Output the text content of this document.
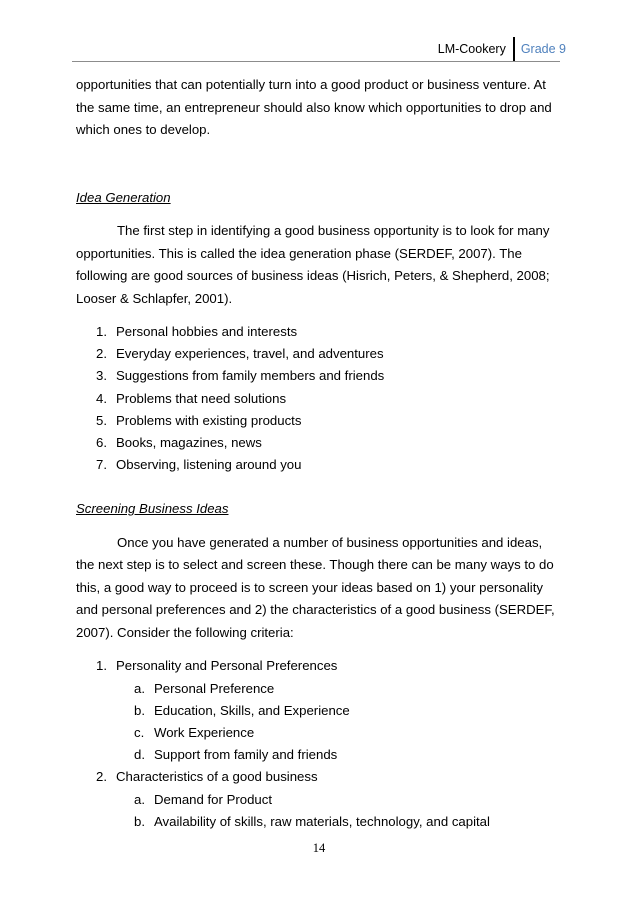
LM-Cookery	Grade 9

opportunities that can potentially turn into a good product or business venture. At the same time, an entrepreneur should also know which opportunities to drop and which ones to develop.

Idea Generation

The first step in identifying a good business opportunity is to look for many opportunities. This is called the idea generation phase (SERDEF, 2007). The following are good sources of business ideas (Hisrich, Peters, & Shepherd, 2008; Looser & Schlapfer, 2001).

1. Personal hobbies and interests
2. Everyday experiences, travel, and adventures
3. Suggestions from family members and friends
4. Problems that need solutions
5. Problems with existing products
6. Books, magazines, news
7. Observing, listening around you

Screening Business Ideas

Once you have generated a number of business opportunities and ideas, the next step is to select and screen these. Though there can be many ways to do this, a good way to proceed is to screen your ideas based on 1) your personality and personal preferences and 2) the characteristics of a good business (SERDEF, 2007). Consider the following criteria:

1. Personality and Personal Preferences
a. Personal Preference
b. Education, Skills, and Experience
c. Work Experience
d. Support from family and friends
2. Characteristics of a good business
a. Demand for Product
b. Availability of skills, raw materials, technology, and capital
14
